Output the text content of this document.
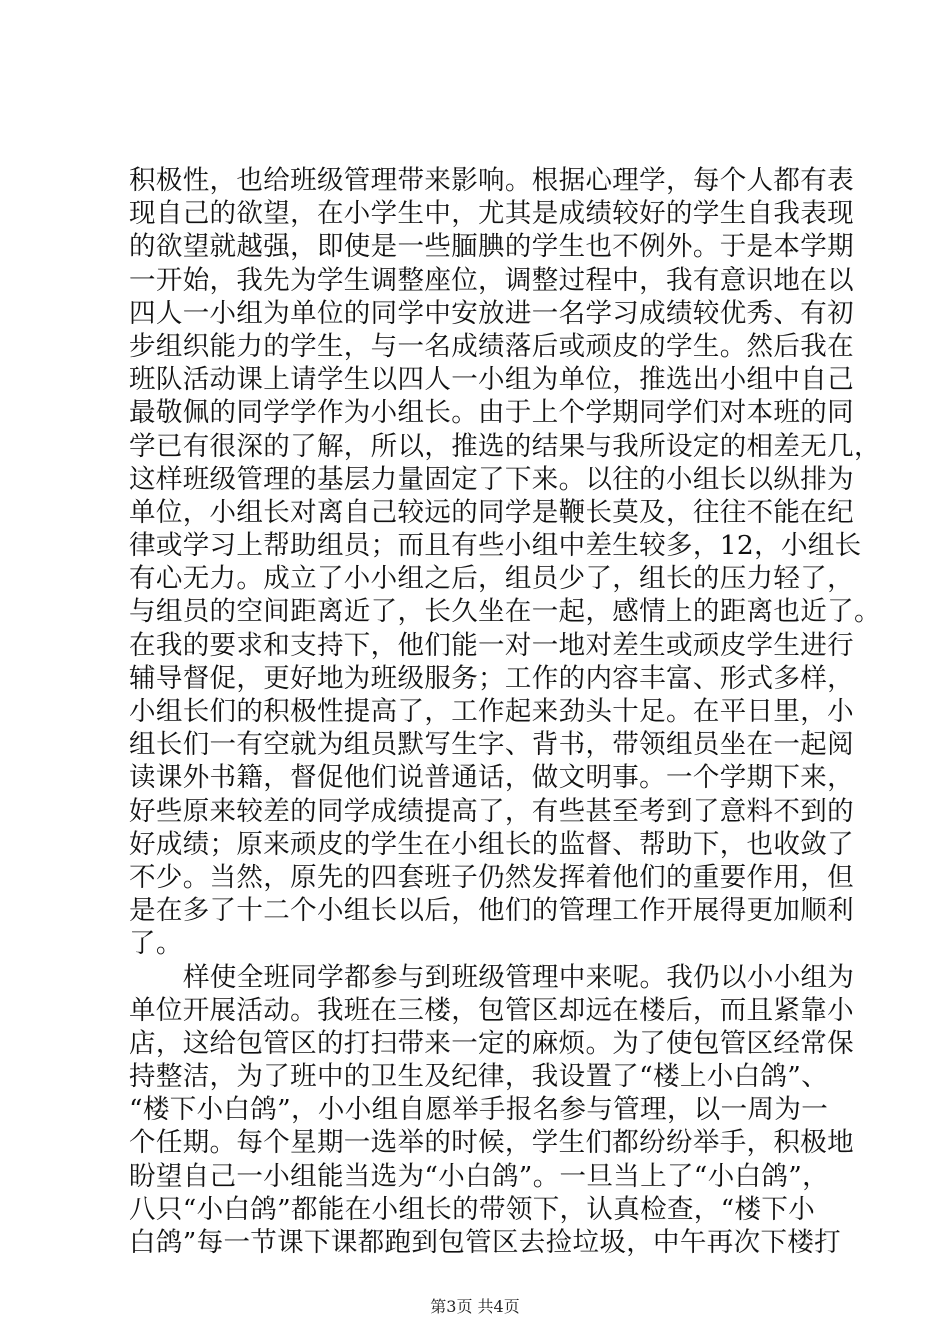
积极性，也给班级管理带来影响。根据心理学，每个人都有表
现自己的欲望，在小学生中，尤其是成绩较好的学生自我表现
的欲望就越强，即使是一些腼腆的学生也不例外。于是本学期
一开始，我先为学生调整座位，调整过程中，我有意识地在以
四人一小组为单位的同学中安放进一名学习成绩较优秀、有初
步组织能力的学生，与一名成绩落后或顽皮的学生。然后我在
班队活动课上请学生以四人一小组为单位，推选出小组中自己
最敬佩的同学学作为小组长。由于上个学期同学们对本班的同
学已有很深的了解，所以，推选的结果与我所设定的相差无几，
这样班级管理的基层力量固定了下来。以往的小组长以纵排为
单位，小组长对离自己较远的同学是鞭长莫及，往往不能在纪
律或学习上帮助组员；而且有些小组中差生较多，12，小组长
有心无力。成立了小小组之后，组员少了，组长的压力轻了，
与组员的空间距离近了，长久坐在一起，感情上的距离也近了。
在我的要求和支持下，他们能一对一地对差生或顽皮学生进行
辅导督促，更好地为班级服务；工作的内容丰富、形式多样，
小组长们的积极性提高了，工作起来劲头十足。在平日里，小
组长们一有空就为组员默写生字、背书，带领组员坐在一起阅
读课外书籍，督促他们说普通话，做文明事。一个学期下来，
好些原来较差的同学成绩提高了，有些甚至考到了意料不到的
好成绩；原来顽皮的学生在小组长的监督、帮助下，也收敛了
不少。当然，原先的四套班子仍然发挥着他们的重要作用，但
是在多了十二个小组长以后，他们的管理工作开展得更加顺利
了。
样使全班同学都参与到班级管理中来呢。我仍以小小组为
单位开展活动。我班在三楼，包管区却远在楼后，而且紧靠小
店，这给包管区的打扫带来一定的麻烦。为了使包管区经常保
持整洁，为了班中的卫生及纪律，我设置了“楼上小白鸽”、
“楼下小白鸽”，小小组自愿举手报名参与管理，以一周为一
个任期。每个星期一选举的时候，学生们都纷纷举手，积极地
盼望自己一小组能当选为“小白鸽”。一旦当上了“小白鸽”，
八只“小白鸽”都能在小组长的带领下，认真检查，“楼下小
白鸽”每一节课下课都跑到包管区去捡垃圾，中午再次下楼打
第3页 共4页
